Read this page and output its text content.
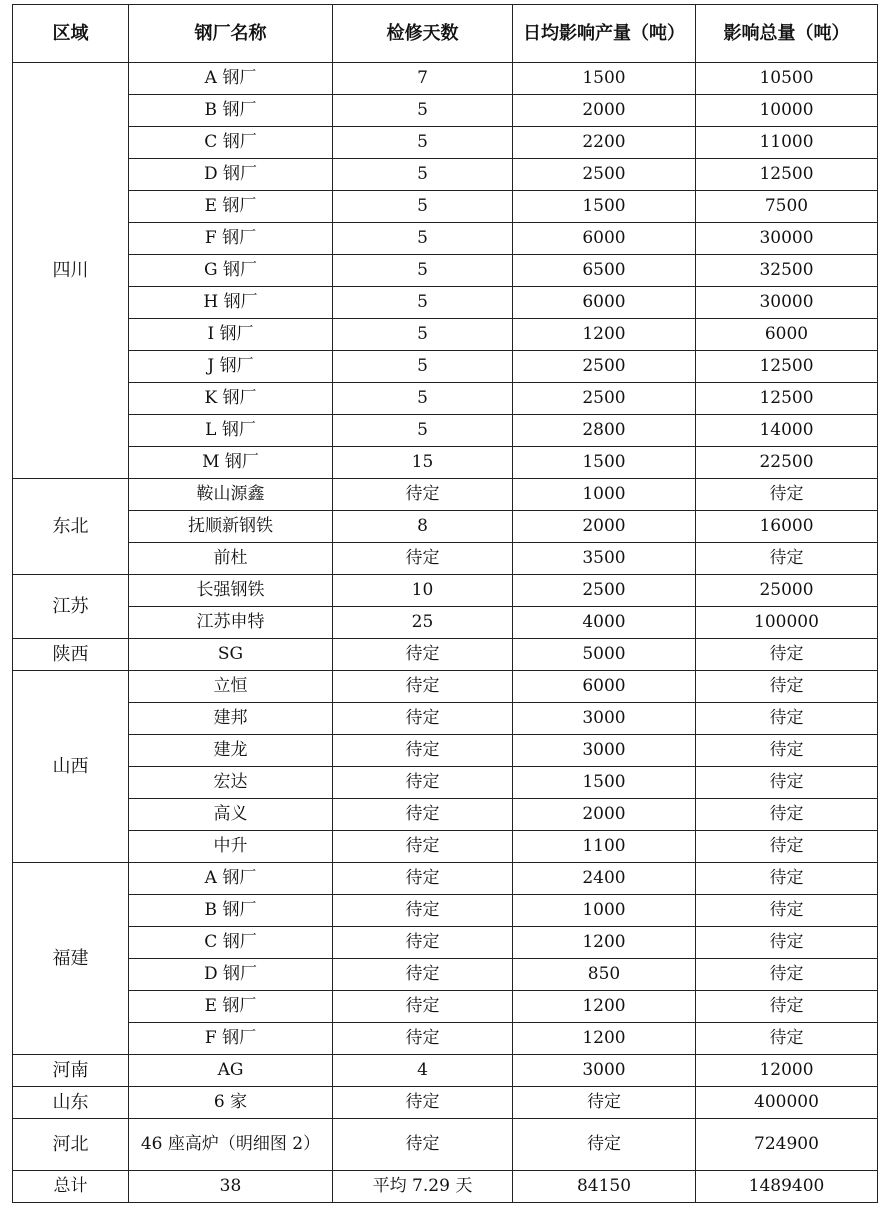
区域	钢厂名称	检修天数	日均影响产量（吨）	影响总量（吨）
四川	A 钢厂	7	1500	10500
	B 钢厂	5	2000	10000
	C 钢厂	5	2200	11000
	D 钢厂	5	2500	12500
	E 钢厂	5	1500	7500
	F 钢厂	5	6000	30000
	G 钢厂	5	6500	32500
	H 钢厂	5	6000	30000
	I 钢厂	5	1200	6000
	J 钢厂	5	2500	12500
	K 钢厂	5	2500	12500
	L 钢厂	5	2800	14000
	M 钢厂	15	1500	22500
东北	鞍山源鑫	待定	1000	待定
	抚顺新钢铁	8	2000	16000
	前杜	待定	3500	待定
江苏	长强钢铁	10	2500	25000
	江苏申特	25	4000	100000
陕西	SG	待定	5000	待定
山西	立恒	待定	6000	待定
	建邦	待定	3000	待定
	建龙	待定	3000	待定
	宏达	待定	1500	待定
	高义	待定	2000	待定
	中升	待定	1100	待定
福建	A 钢厂	待定	2400	待定
	B 钢厂	待定	1000	待定
	C 钢厂	待定	1200	待定
	D 钢厂	待定	850	待定
	E 钢厂	待定	1200	待定
	F 钢厂	待定	1200	待定
河南	AG	4	3000	12000
山东	6 家	待定	待定	400000
河北	46 座高炉（明细图 2）	待定	待定	724900
总计	38	平均 7.29 天	84150	1489400
